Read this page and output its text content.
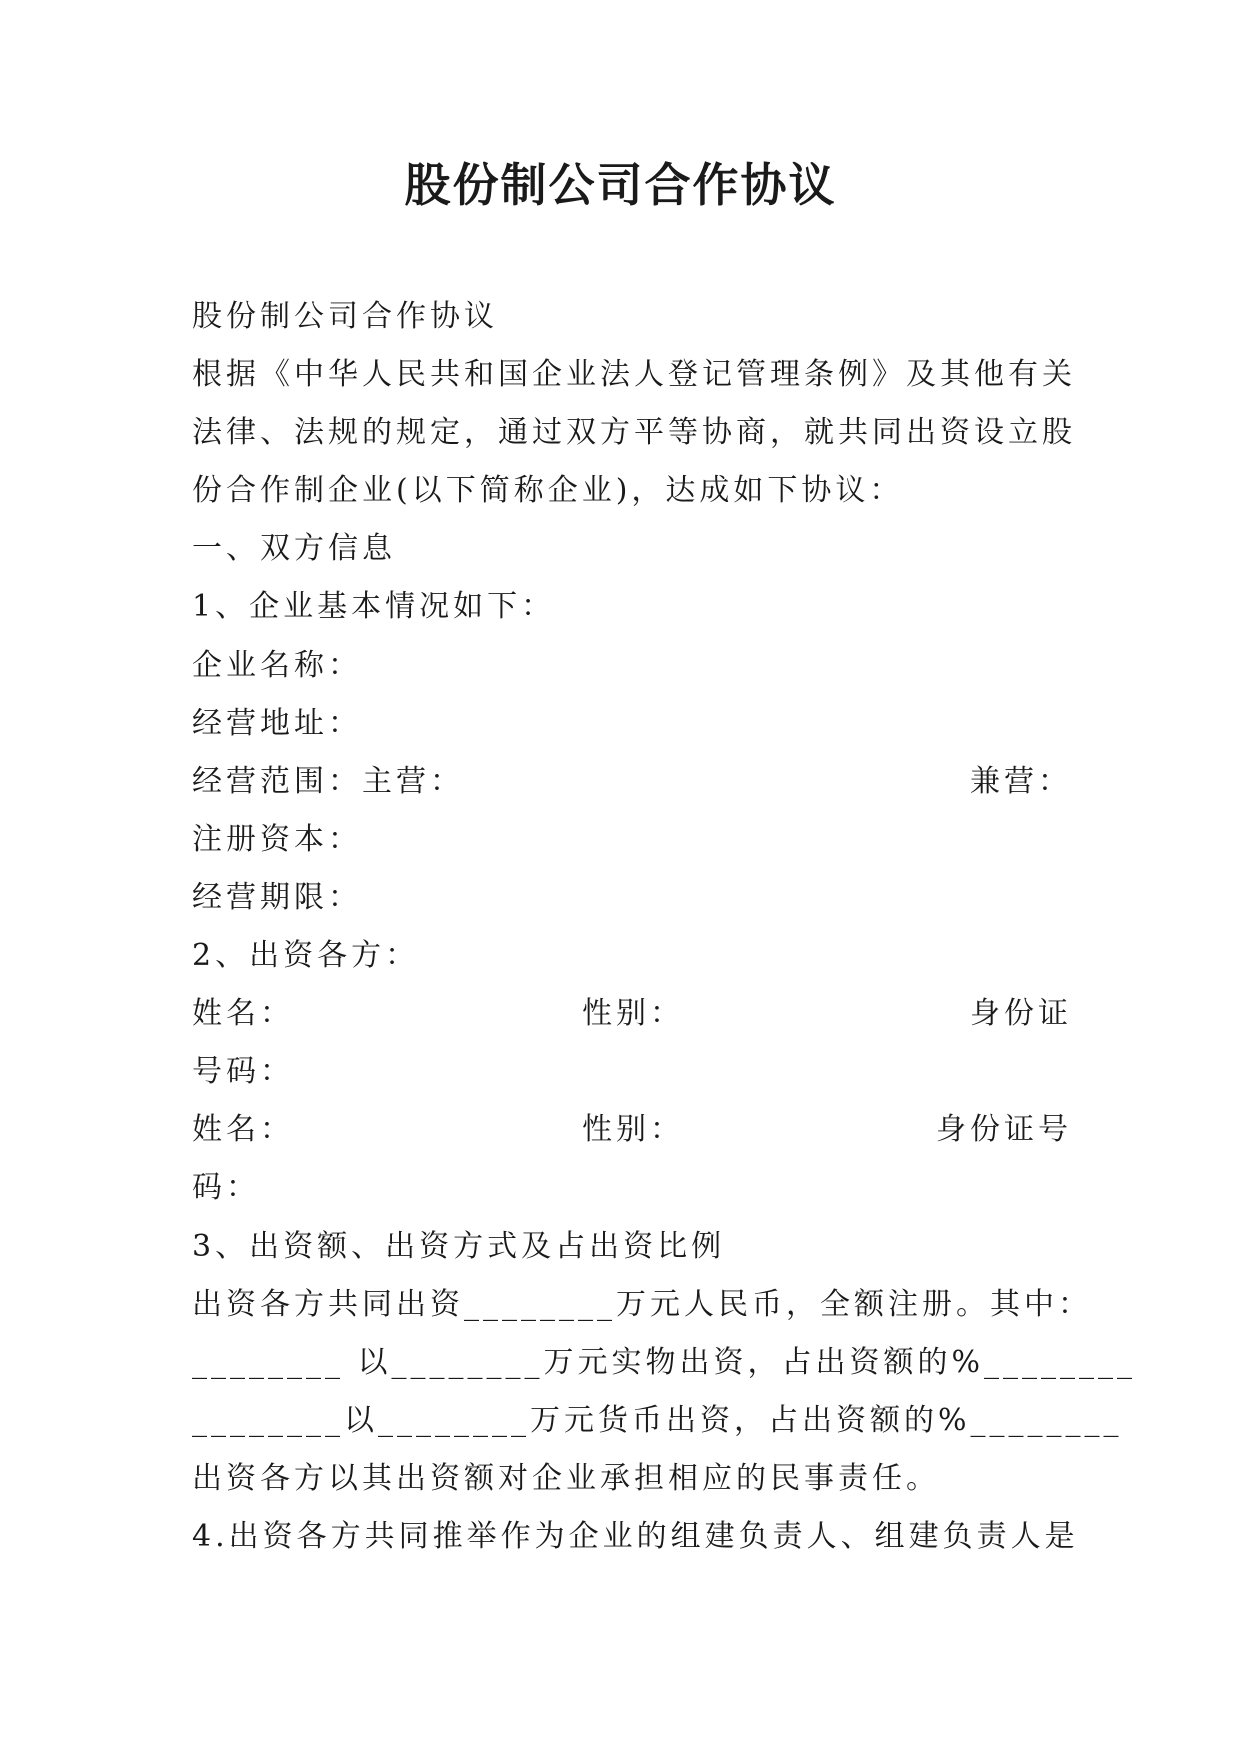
股份制公司合作协议
股份制公司合作协议
根据《中华人民共和国企业法人登记管理条例》及其他有关
法律、法规的规定，通过双方平等协商，就共同出资设立股
份合作制企业(以下简称企业)，达成如下协议：
一、双方信息
1、企业基本情况如下：
企业名称：
经营地址：
经营范围：主营：	兼营：
注册资本：
经营期限：
2、出资各方：
姓名：	性别：	身份证
号码：
姓名：	性别：	身份证号
码：
3、出资额、出资方式及占出资比例
出资各方共同出资________万元人民币，全额注册。其中：
________ 以________万元实物出资，占出资额的%________
________以________万元货币出资，占出资额的%________
出资各方以其出资额对企业承担相应的民事责任。
4.出资各方共同推举作为企业的组建负责人、组建负责人是
